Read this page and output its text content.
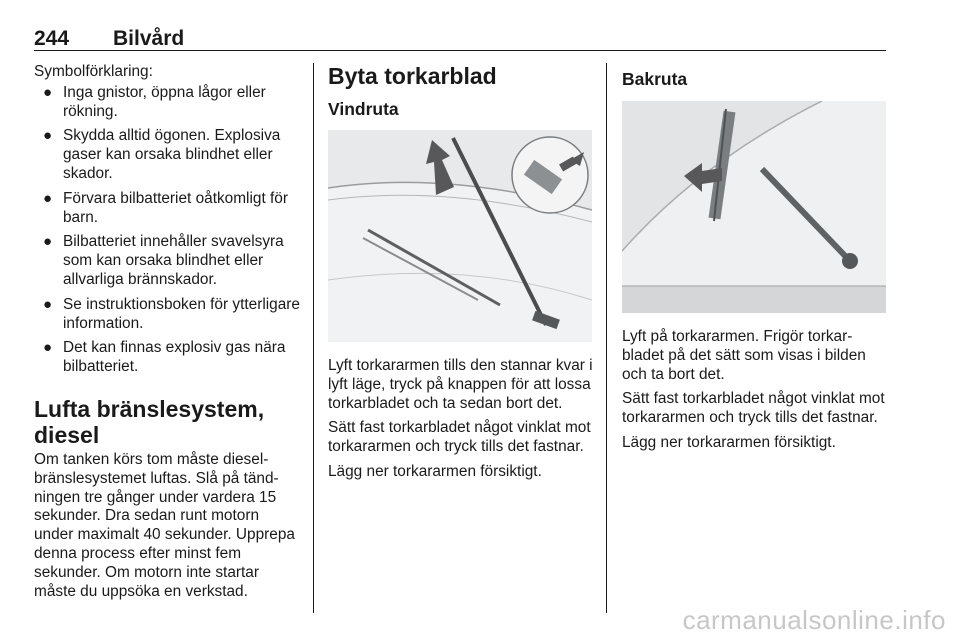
244 Bilvård
Symbolförklaring:
● Inga gnistor, öppna lågor eller rökning.
● Skydda alltid ögonen. Explosiva gaser kan orsaka blindhet eller skador.
● Förvara bilbatteriet oåtkomligt för barn.
● Bilbatteriet innehåller svavelsyra som kan orsaka blindhet eller allvarliga brännskador.
● Se instruktionsboken för ytterligare information.
● Det kan finnas explosiv gas nära bilbatteriet.
Lufta bränslesystem, diesel

Om tanken körs tom måste dieselbränslesystemet luftas. Slå på tändningen tre gånger under vardera 15 sekunder. Dra sedan runt motorn under maximalt 40 sekunder. Upprepa denna process efter minst fem sekunder. Om motorn inte startar måste du uppsöka en verkstad.

Byta torkarblad
Vindruta

Lyft torkararmen tills den stannar kvar i lyft läge, tryck på knappen för att lossa torkarbladet och ta sedan bort det.

Sätt fast torkarbladet något vinklat mot torkararmen och tryck tills det fastnar.

Lägg ner torkararmen försiktigt.

Bakruta

Lyft på torkararmen. Frigör torkarbladet på det sätt som visas i bilden och ta bort det.

Sätt fast torkarbladet något vinklat mot torkararmen och tryck tills det fastnar.

Lägg ner torkararmen försiktigt.

carmanualsonline.info
